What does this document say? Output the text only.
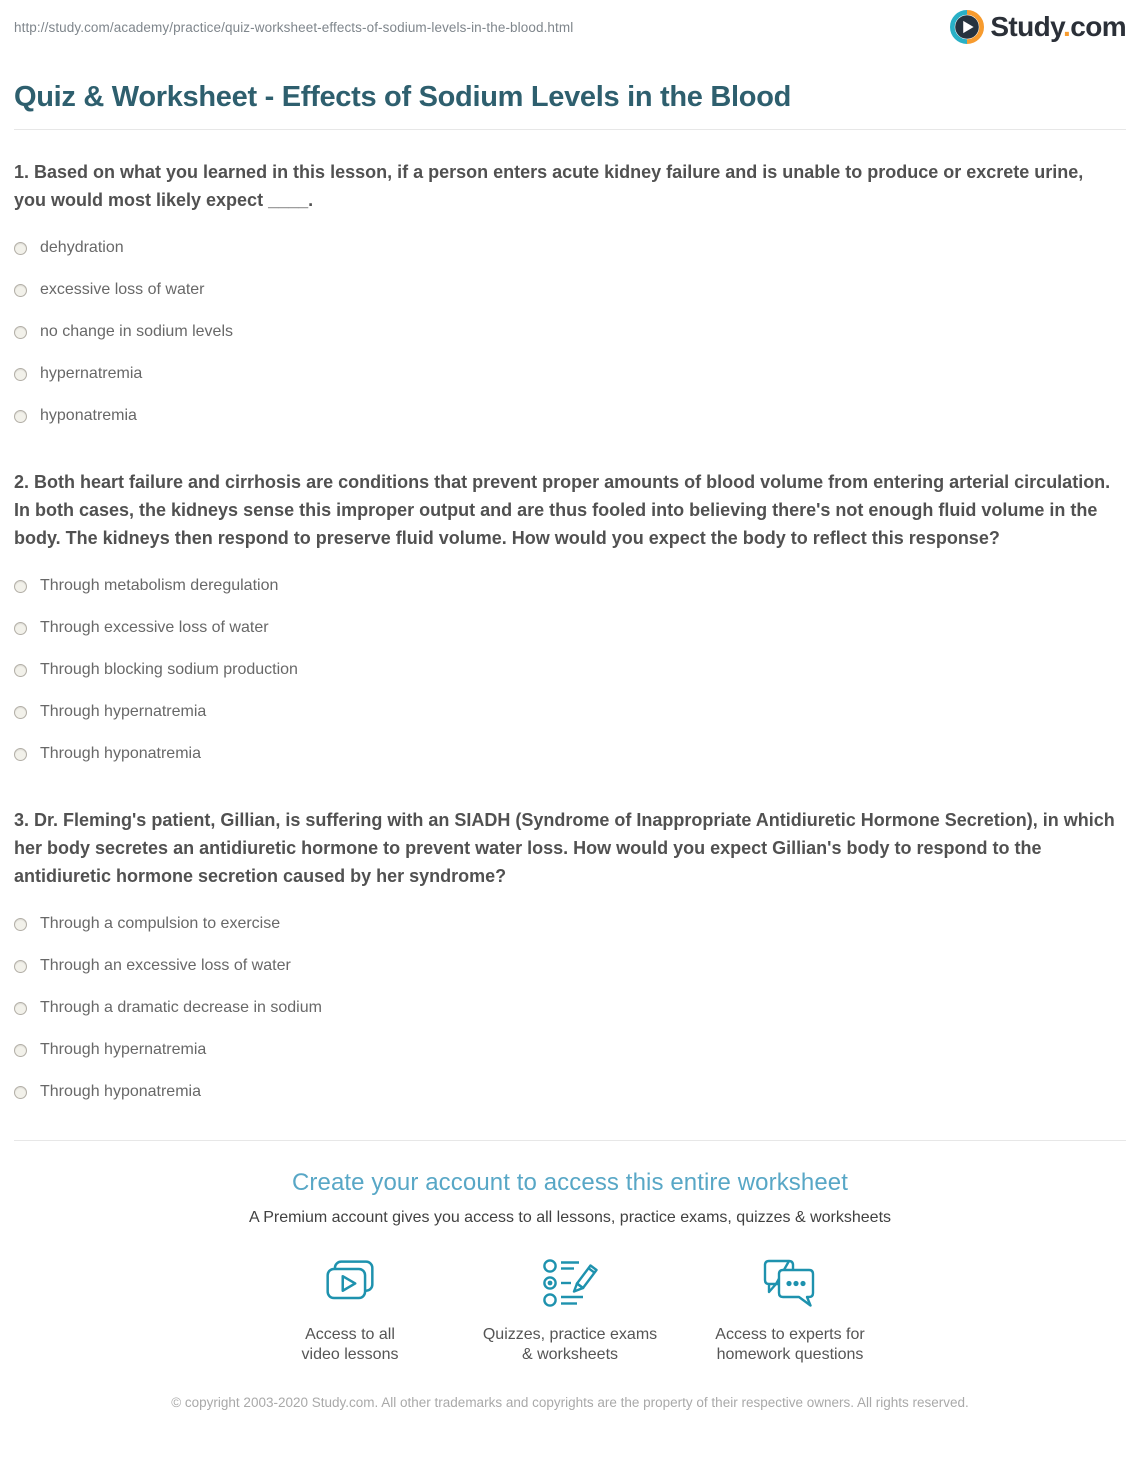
http://study.com/academy/practice/quiz-worksheet-effects-of-sodium-levels-in-the-blood.html	Study.com
Quiz & Worksheet - Effects of Sodium Levels in the Blood

1. Based on what you learned in this lesson, if a person enters acute kidney failure and is unable to produce or excrete urine, you would most likely expect ____.

dehydration
excessive loss of water
no change in sodium levels
hypernatremia
hyponatremia

2. Both heart failure and cirrhosis are conditions that prevent proper amounts of blood volume from entering arterial circulation. In both cases, the kidneys sense this improper output and are thus fooled into believing there's not enough fluid volume in the body. The kidneys then respond to preserve fluid volume. How would you expect the body to reflect this response?

Through metabolism deregulation
Through excessive loss of water
Through blocking sodium production
Through hypernatremia
Through hyponatremia

3. Dr. Fleming's patient, Gillian, is suffering with an SIADH (Syndrome of Inappropriate Antidiuretic Hormone Secretion), in which her body secretes an antidiuretic hormone to prevent water loss. How would you expect Gillian's body to respond to the antidiuretic hormone secretion caused by her syndrome?

Through a compulsion to exercise
Through an excessive loss of water
Through a dramatic decrease in sodium
Through hypernatremia
Through hyponatremia
Create your account to access this entire worksheet

A Premium account gives you access to all lessons, practice exams, quizzes & worksheets

Access to all
video lessons
Quizzes, practice exams
& worksheets
Access to experts for
homework questions

© copyright 2003-2020 Study.com. All other trademarks and copyrights are the property of their respective owners. All rights reserved.
